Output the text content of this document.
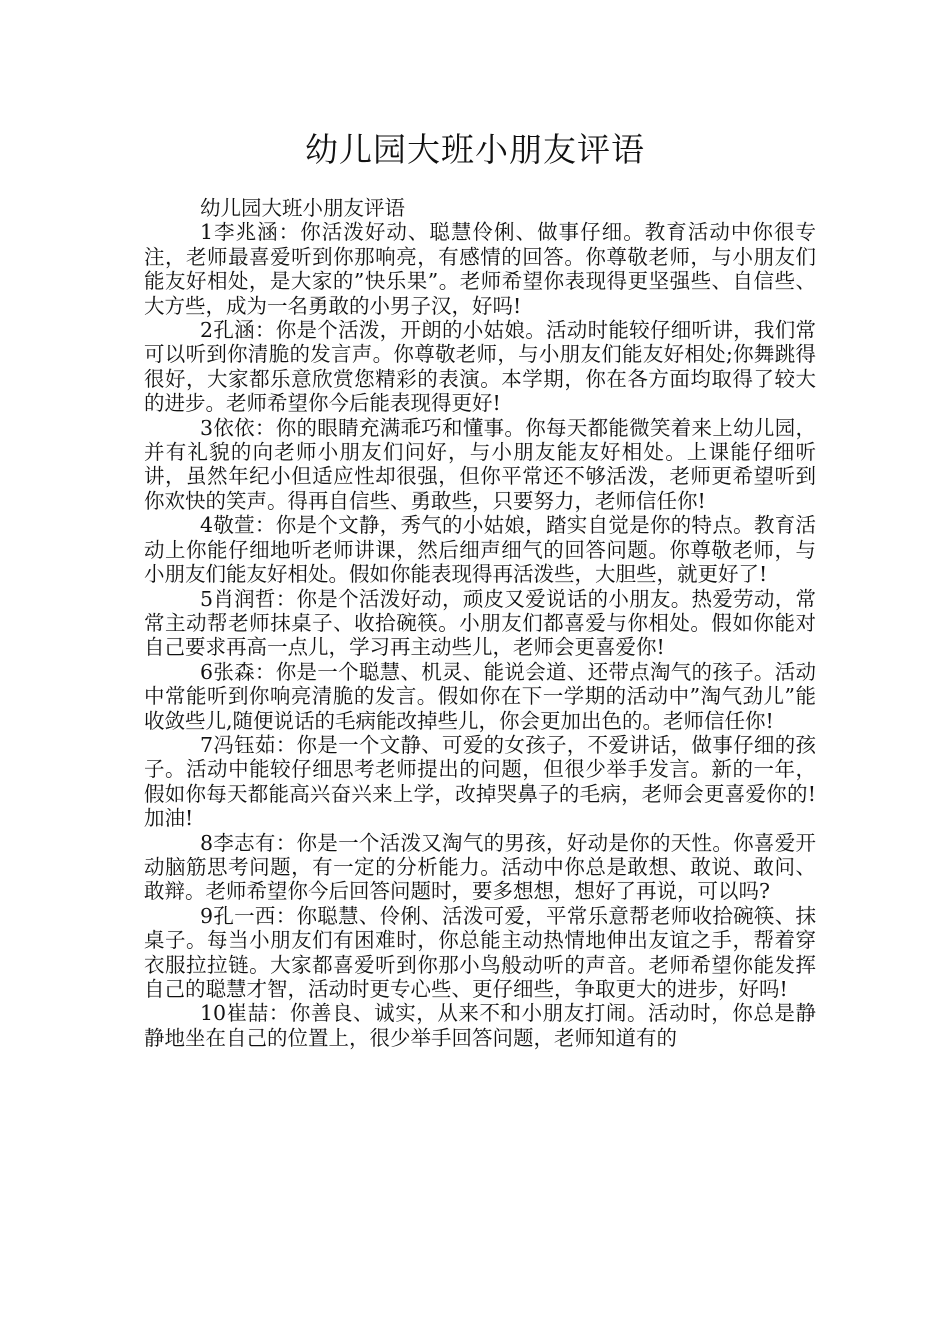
幼儿园大班小朋友评语

幼儿园大班小朋友评语

1李兆涵：你活泼好动、聪慧伶俐、做事仔细。教育活动中你很专注，老师最喜爱听到你那响亮，有感情的回答。你尊敬老师，与小朋友们能友好相处，是大家的”快乐果”。老师希望你表现得更坚强些、自信些、大方些，成为一名勇敢的小男子汉，好吗!

2孔涵：你是个活泼，开朗的小姑娘。活动时能较仔细听讲，我们常可以听到你清脆的发言声。你尊敬老师，与小朋友们能友好相处;你舞跳得很好，大家都乐意欣赏您精彩的表演。本学期，你在各方面均取得了较大的进步。老师希望你今后能表现得更好!

3依依：你的眼睛充满乖巧和懂事。你每天都能微笑着来上幼儿园，并有礼貌的向老师小朋友们问好，与小朋友能友好相处。上课能仔细听讲，虽然年纪小但适应性却很强，但你平常还不够活泼，老师更希望听到你欢快的笑声。得再自信些、勇敢些，只要努力，老师信任你!

4敬萱：你是个文静，秀气的小姑娘，踏实自觉是你的特点。教育活动上你能仔细地听老师讲课，然后细声细气的回答问题。你尊敬老师，与小朋友们能友好相处。假如你能表现得再活泼些，大胆些，就更好了!

5肖润哲：你是个活泼好动，顽皮又爱说话的小朋友。热爱劳动，常常主动帮老师抹桌子、收拾碗筷。小朋友们都喜爱与你相处。假如你能对自己要求再高一点儿，学习再主动些儿，老师会更喜爱你!

6张森：你是一个聪慧、机灵、能说会道、还带点淘气的孩子。活动中常能听到你响亮清脆的发言。假如你在下一学期的活动中”淘气劲儿”能收敛些儿,随便说话的毛病能改掉些儿，你会更加出色的。老师信任你!

7冯钰茹：你是一个文静、可爱的女孩子，不爱讲话，做事仔细的孩子。活动中能较仔细思考老师提出的问题，但很少举手发言。新的一年，假如你每天都能高兴奋兴来上学，改掉哭鼻子的毛病，老师会更喜爱你的!加油!

8李志有：你是一个活泼又淘气的男孩，好动是你的天性。你喜爱开动脑筋思考问题，有一定的分析能力。活动中你总是敢想、敢说、敢问、敢辩。老师希望你今后回答问题时，要多想想，想好了再说，可以吗?

9孔一西：你聪慧、伶俐、活泼可爱，平常乐意帮老师收拾碗筷、抹桌子。每当小朋友们有困难时，你总能主动热情地伸出友谊之手，帮着穿衣服拉拉链。大家都喜爱听到你那小鸟般动听的声音。老师希望你能发挥自己的聪慧才智，活动时更专心些、更仔细些，争取更大的进步，好吗!

10崔喆：你善良、诚实，从来不和小朋友打闹。活动时，你总是静静地坐在自己的位置上，很少举手回答问题，老师知道有的
